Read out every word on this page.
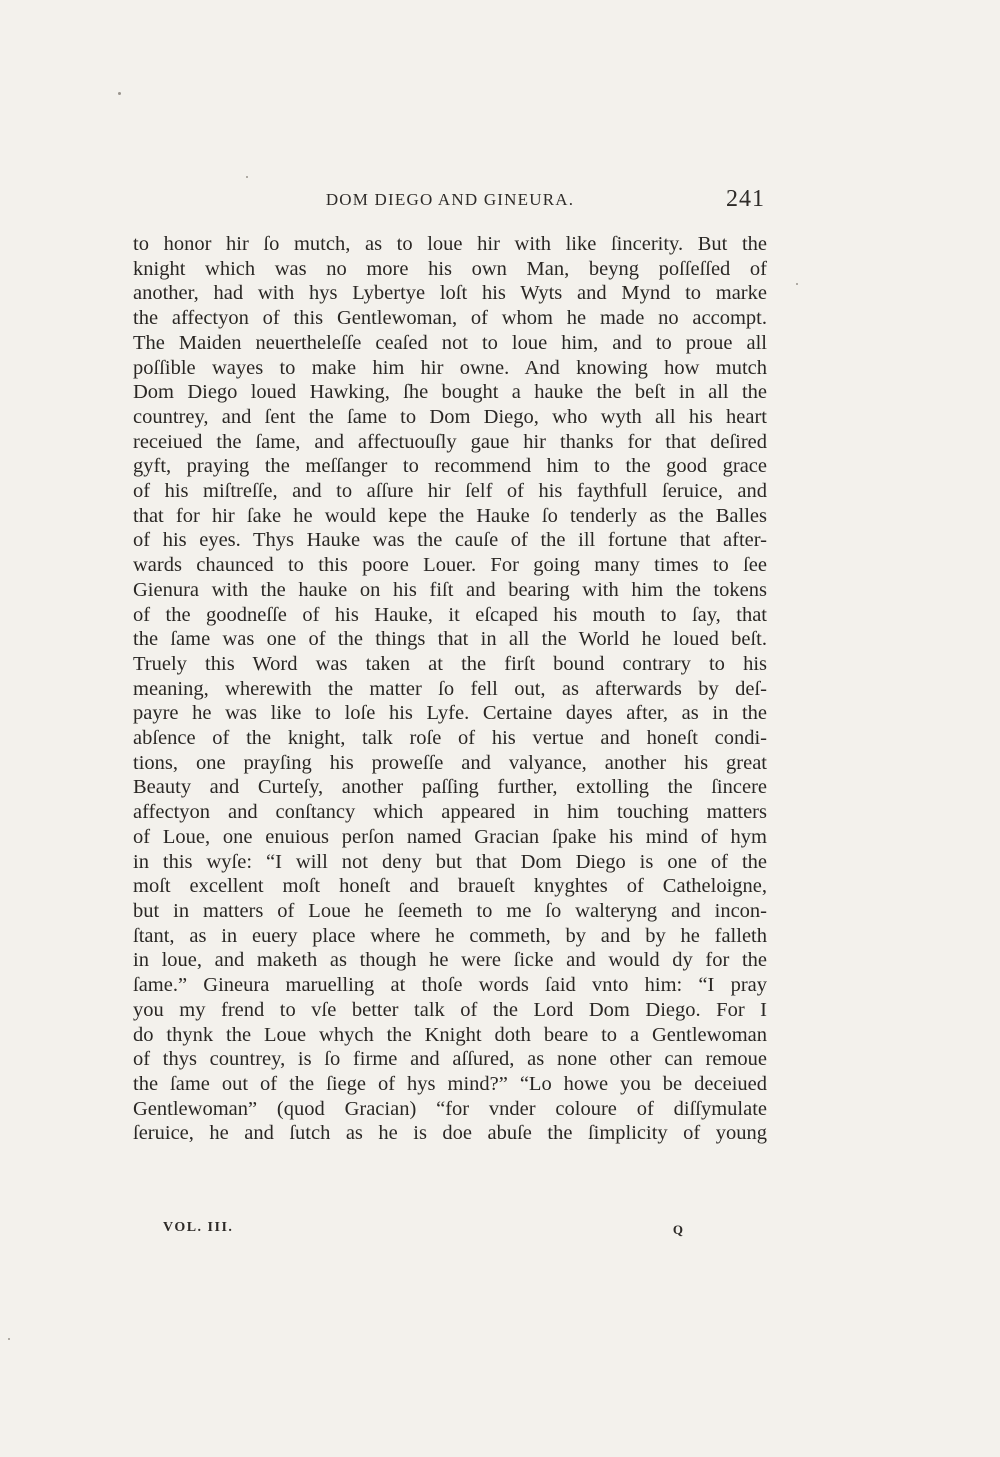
DOM DIEGO AND GINEURA.	241
to honor hir ſo mutch, as to loue hir with like ſincerity. But the
knight which was no more his own Man, beyng poſſeſſed of
another, had with hys Lybertye loſt his Wyts and Mynd to marke
the affectyon of this Gentlewoman, of whom he made no accompt.
The Maiden neuertheleſſe ceaſed not to loue him, and to proue all
poſſible wayes to make him hir owne. And knowing how mutch
Dom Diego loued Hawking, ſhe bought a hauke the beſt in all the
countrey, and ſent the ſame to Dom Diego, who wyth all his heart
receiued the ſame, and affectuouſly gaue hir thanks for that deſired
gyft, praying the meſſanger to recommend him to the good grace
of his miſtreſſe, and to aſſure hir ſelf of his faythfull ſeruice, and
that for hir ſake he would kepe the Hauke ſo tenderly as the Balles
of his eyes. Thys Hauke was the cauſe of the ill fortune that after-
wards chaunced to this poore Louer. For going many times to ſee
Gienura with the hauke on his fiſt and bearing with him the tokens
of the goodneſſe of his Hauke, it eſcaped his mouth to ſay, that
the ſame was one of the things that in all the World he loued beſt.
Truely this Word was taken at the firſt bound contrary to his
meaning, wherewith the matter ſo fell out, as afterwards by deſ-
payre he was like to loſe his Lyfe. Certaine dayes after, as in the
abſence of the knight, talk roſe of his vertue and honeſt condi-
tions, one prayſing his proweſſe and valyance, another his great
Beauty and Curteſy, another paſſing further, extolling the ſincere
affectyon and conſtancy which appeared in him touching matters
of Loue, one enuious perſon named Gracian ſpake his mind of hym
in this wyſe: “I will not deny but that Dom Diego is one of the
moſt excellent moſt honeſt and braueſt knyghtes of Catheloigne,
but in matters of Loue he ſeemeth to me ſo walteryng and incon-
ſtant, as in euery place where he commeth, by and by he falleth
in loue, and maketh as though he were ſicke and would dy for the
ſame.” Gineura maruelling at thoſe words ſaid vnto him: “I pray
you my frend to vſe better talk of the Lord Dom Diego. For I
do thynk the Loue whych the Knight doth beare to a Gentlewoman
of thys countrey, is ſo firme and aſſured, as none other can remoue
the ſame out of the ſiege of hys mind?” “Lo howe you be deceiued
Gentlewoman” (quod Gracian) “for vnder coloure of diſſymulate
ſeruice, he and ſutch as he is doe abuſe the ſimplicity of young
VOL. III.	Q
